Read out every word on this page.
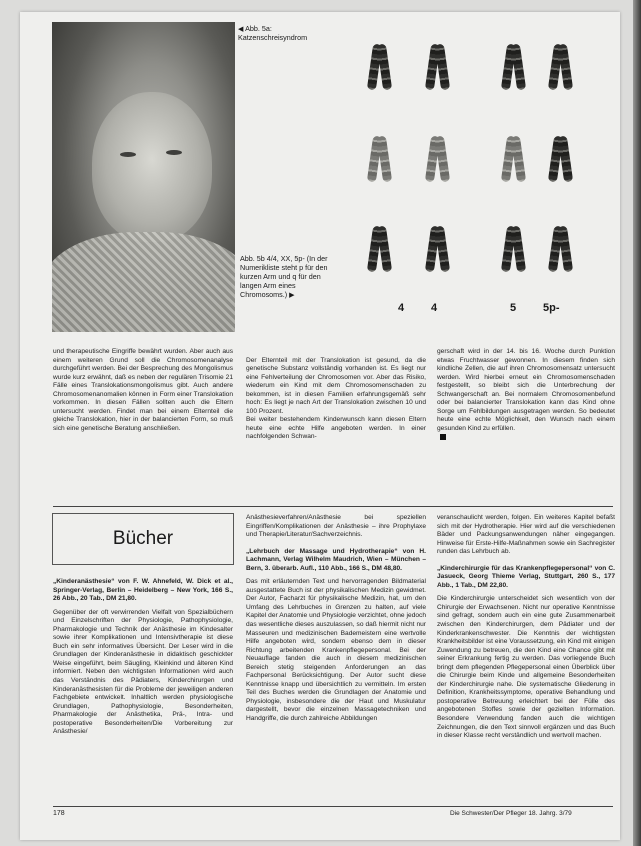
◀ Abb. 5a: Katzenschreisyndrom
Abb. 5b 4/4, XX, 5p- (In der Numerikliste steht p für den kurzen Arm und q für den langen Arm eines Chromosoms.) ▶
4 4	5 5p-

und therapeutische Eingriffe bewährt wurden. Aber auch aus einem weiteren Grund soll die Chromosomenanalyse durchgeführt werden. Bei der Besprechung des Mongolismus wurde kurz erwähnt, daß es neben der regulären Trisomie 21 Fälle eines Translokationsmongolismus gibt. Auch andere Chromosomenanomalien können in Form einer Translokation vorkommen. In diesen Fällen sollten auch die Eltern untersucht werden. Findet man bei einem Elternteil die gleiche Translokation, hier in der balancierten Form, so muß sich eine genetische Beratung anschließen.

Der Elternteil mit der Translokation ist gesund, da die genetische Substanz vollständig vorhanden ist. Es liegt nur eine Fehlverteilung der Chromosomen vor. Aber das Risiko, wiederum ein Kind mit dem Chromosomenschaden zu bekommen, ist in diesen Familien erfahrungsgemäß sehr hoch: Es liegt je nach Art der Translokation zwischen 10 und 100 Prozent.
Bei weiter bestehendem Kinderwunsch kann diesen Eltern heute eine echte Hilfe angeboten werden. In einer nachfolgenden Schwan-

gerschaft wird in der 14. bis 16. Woche durch Punktion etwas Fruchtwasser gewonnen. In diesem finden sich kindliche Zellen, die auf ihren Chromosomensatz untersucht werden. Wird hierbei erneut ein Chromosomenschaden festgestellt, so bleibt sich die Unterbrechung der Schwangerschaft an. Bei normalem Chromosomenbefund oder bei balancierter Translokation kann das Kind ohne Sorge um Fehlbildungen ausgetragen werden. So bedeutet heute eine echte Möglichkeit, den Wunsch nach einem gesunden Kind zu erfüllen.

Bücher

„Kinderanästhesie“ von F. W. Ahnefeld, W. Dick et al., Springer-Verlag, Berlin – Heidelberg – New York, 166 S., 26 Abb., 20 Tab., DM 21,80.

Gegenüber der oft verwirrenden Vielfalt von Spezialbüchern und Einzelschriften der Physiologie, Pathophysiologie, Pharmakologie und Technik der Anästhesie im Kindesalter sowie ihrer Komplikationen und Intensivtherapie ist diese Buch ein sehr informatives Übersicht. Der Leser wird in die Grundlagen der Kinderanästhesie in didaktisch geschickter Weise eingeführt, beim Säugling, Kleinkind und älteren Kind informiert. Neben den wichtigsten Informationen wird auch das Verständnis des Pädiaters, Kinderchirurgen und Kinderanästhesisten für die Probleme der jeweiligen anderen Fachgebiete entwickelt. Inhaltlich werden physiologische Grundlagen, Pathophysiologie, Besonderheiten, Pharmakologie der Anästhetika, Prä-, Intra- und postoperative Besonderheiten/Die Vorbereitung zur Anästhesie/

Anästhesieverfahren/Anästhesie bei speziellen Eingriffen/Komplikationen der Anästhesie – ihre Prophylaxe und Therapie/Literatur/Sachverzeichnis.

„Lehrbuch der Massage und Hydrotherapie“ von H. Lachmann, Verlag Wilhelm Maudrich, Wien – München – Bern, 3. überarb. Aufl., 110 Abb., 166 S., DM 48,80.

Das mit erläuternden Text und hervorragenden Bildmaterial ausgestattete Buch ist der physikalischen Medizin gewidmet. Der Autor, Facharzt für physikalische Medizin, hat, um den Umfang des Lehrbuches in Grenzen zu halten, auf viele Kapitel der Anatomie und Physiologie verzichtet, ohne jedoch das wesentliche dieses auszulassen, so daß hiermit nicht nur Masseuren und medizinischen Bademeistern eine wertvolle Hilfe angeboten wird, sondern ebenso dem in dieser Richtung arbeitenden Krankenpflegepersonal. Bei der Neuauflage fanden die auch in diesem medizinischen Bereich stetig steigenden Anforderungen an das Fachpersonal Berücksichtigung. Der Autor sucht diese Kenntnisse knapp und übersichtlich zu vermitteln. Im ersten Teil des Buches werden die Grundlagen der Anatomie und Physiologie, insbesondere die der Haut und Muskulatur dargestellt, bevor die einzelnen Massagetechniken und Handgriffe, die durch zahlreiche Abbildungen

veranschaulicht werden, folgen. Ein weiteres Kapitel befaßt sich mit der Hydrotherapie. Hier wird auf die verschiedenen Bäder und Packungsanwendungen näher eingegangen. Hinweise für Erste-Hilfe-Maßnahmen sowie ein Sachregister runden das Lehrbuch ab.

„Kinderchirurgie für das Krankenpflegepersonal“ von C. Jasueck, Georg Thieme Verlag, Stuttgart, 260 S., 177 Abb., 1 Tab., DM 22,80.

Die Kinderchirurgie unterscheidet sich wesentlich von der Chirurgie der Erwachsenen. Nicht nur operative Kenntnisse sind gefragt, sondern auch ein eine gute Zusammenarbeit zwischen den Kinderchirurgen, dem Pädiater und der Kinderkrankenschwester. Die Kenntnis der wichtigsten Krankheitsbilder ist eine Voraussetzung, ein Kind mit einigen Zuwendung zu betreuen, die den Kind eine Chance gibt mit seiner Erkrankung fertig zu werden. Das vorliegende Buch bringt dem pflegenden Pflegepersonal einen Überblick über die Chirurgie beim Kinde und allgemeine Besonderheiten der Kinderchirurgie nahe. Die systematische Gliederung in Definition, Krankheitssymptome, operative Behandlung und postoperative Betreuung erleichtert bei der Fülle des angebotenen Stoffes sowie der gezielten Information. Besondere Verwendung fanden auch die wichtigen Zeichnungen, die den Text sinnvoll ergänzen und das Buch in dieser Klasse recht verständlich und wertvoll machen.

178	Die Schwester/Der Pfleger 18. Jahrg. 3/79
